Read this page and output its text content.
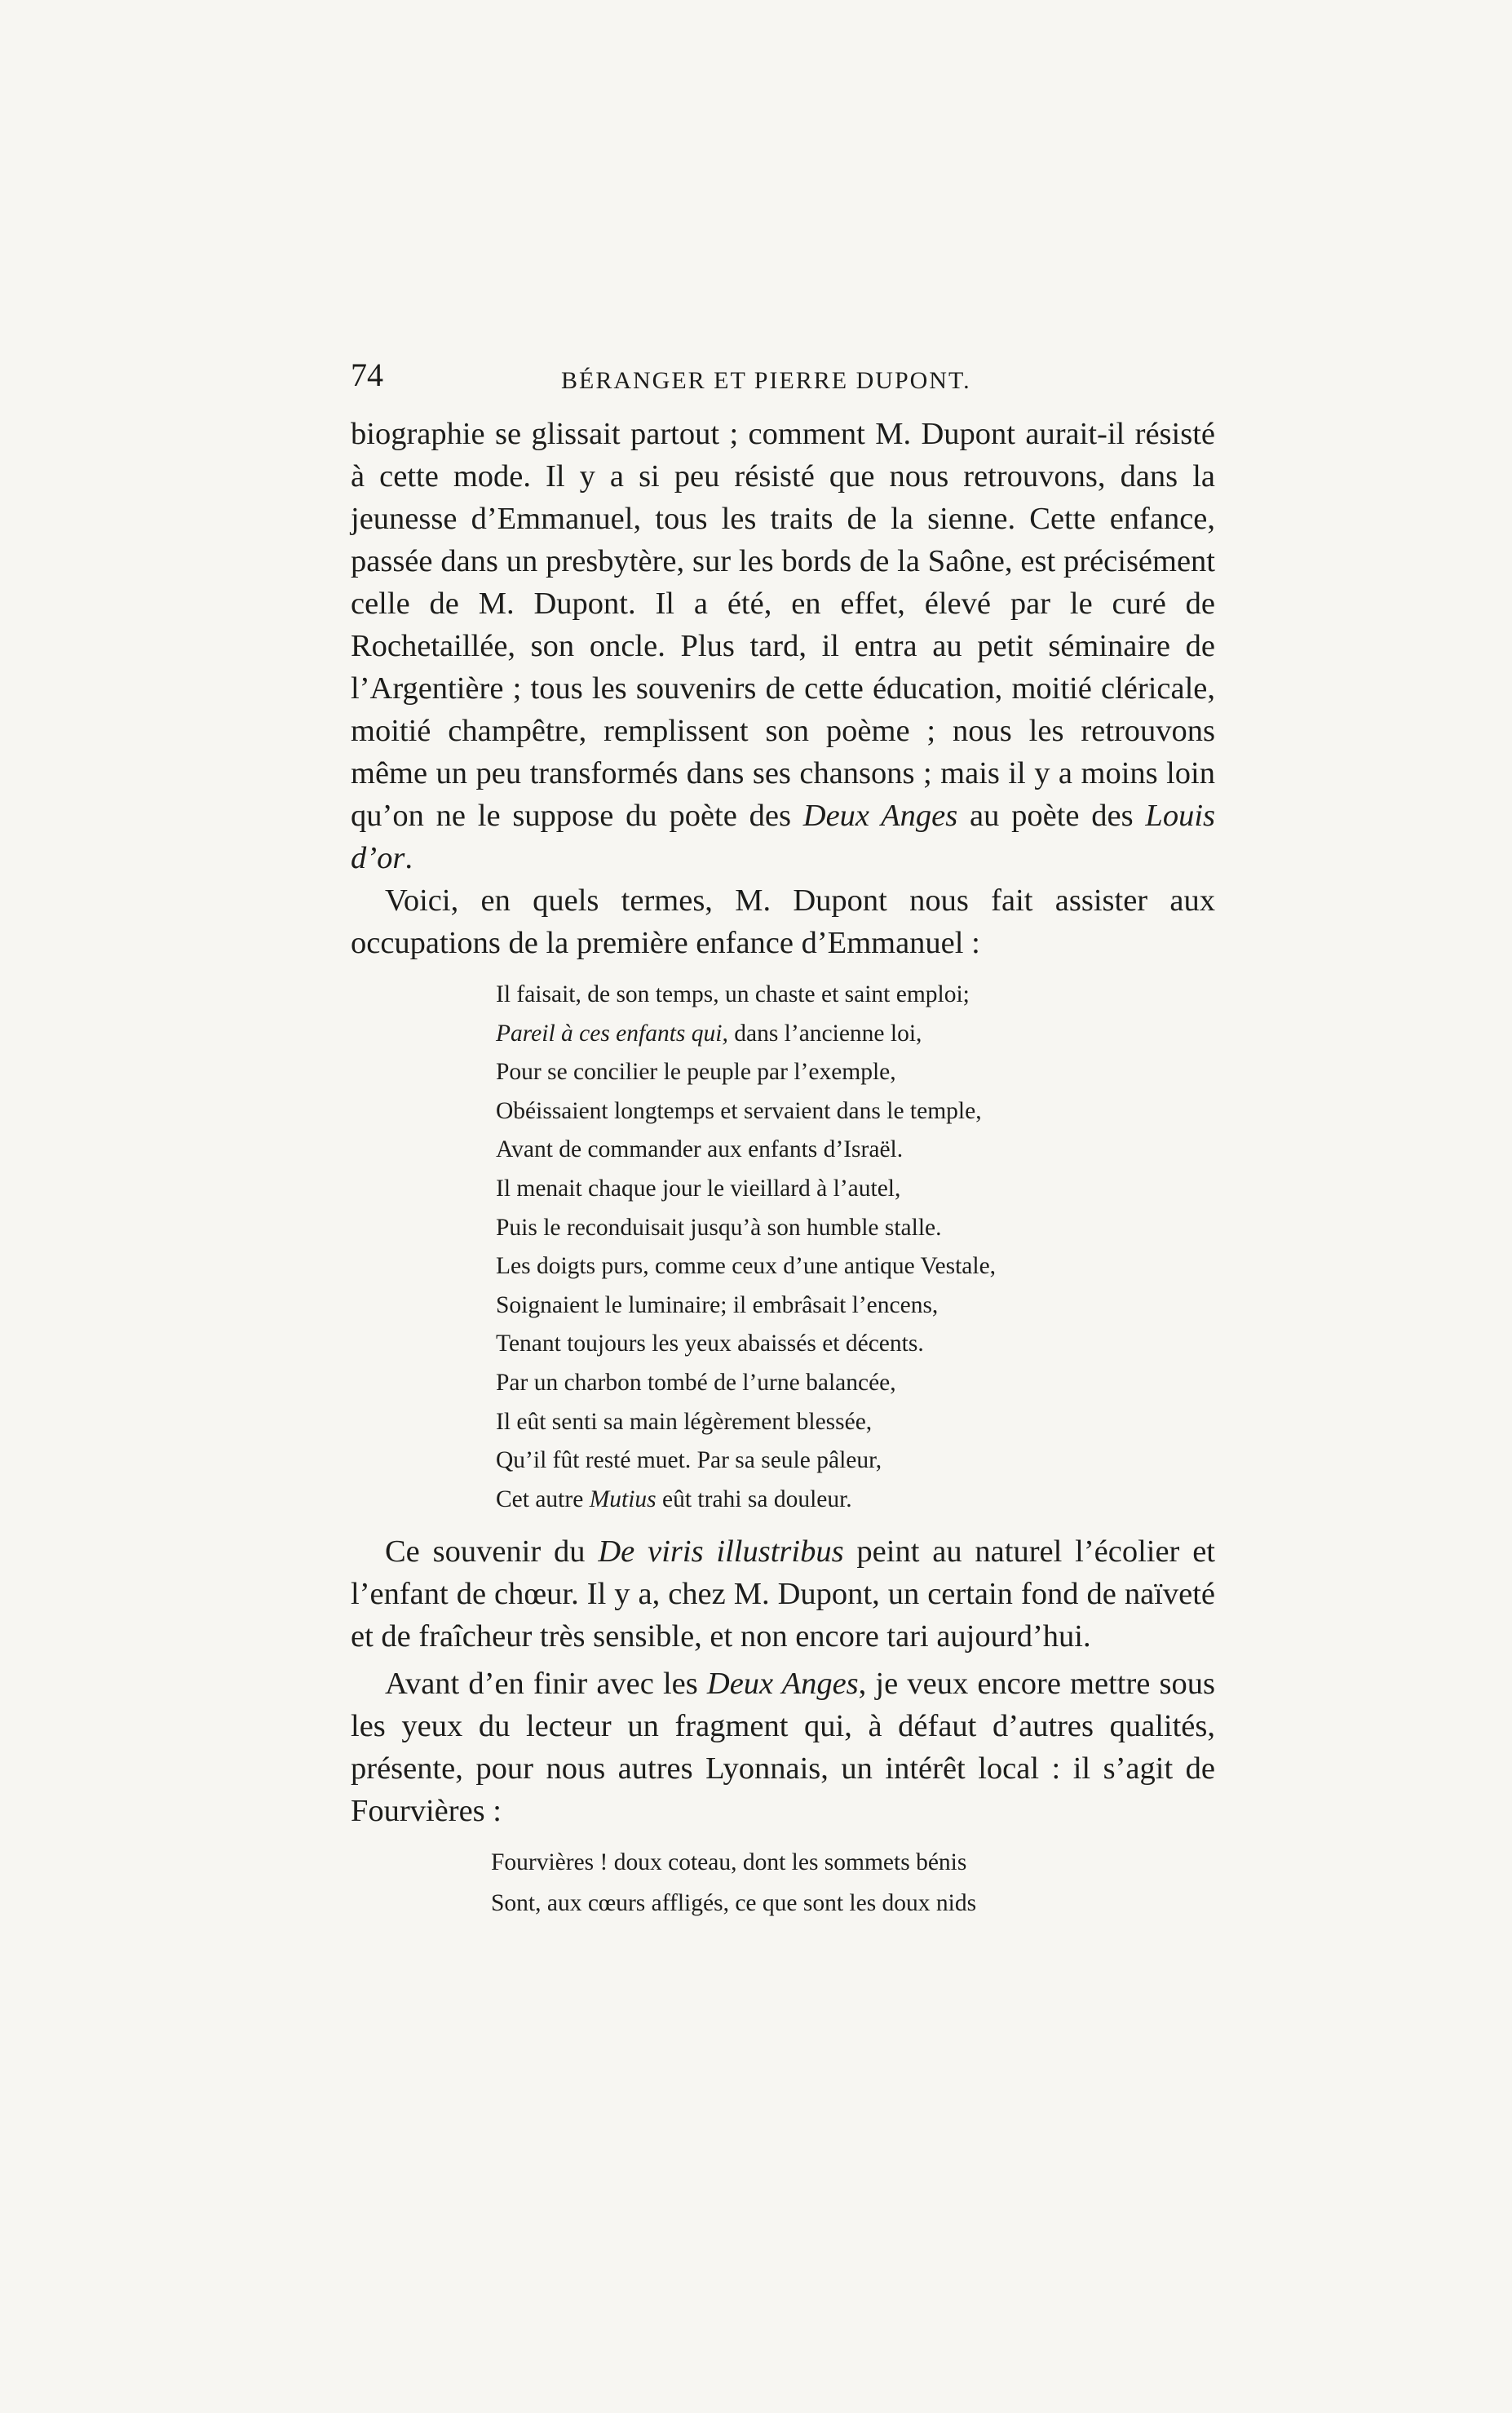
74	BÉRANGER ET PIERRE DUPONT.

biographie se glissait partout ; comment M. Dupont aurait-il résisté à cette mode. Il y a si peu résisté que nous retrouvons, dans la jeunesse d’Emmanuel, tous les traits de la sienne. Cette enfance, passée dans un presbytère, sur les bords de la Saône, est précisément celle de M. Dupont. Il a été, en effet, élevé par le curé de Rochetaillée, son oncle. Plus tard, il entra au petit séminaire de l’Argentière ; tous les souvenirs de cette éducation, moitié cléricale, moitié champêtre, remplissent son poème ; nous les retrouvons même un peu transformés dans ses chansons ; mais il y a moins loin qu’on ne le suppose du poète des Deux Anges au poète des Louis d’or.

Voici, en quels termes, M. Dupont nous fait assister aux occupations de la première enfance d’Emmanuel :

Il faisait, de son temps, un chaste et saint emploi;
Pareil à ces enfants qui, dans l’ancienne loi,
Pour se concilier le peuple par l’exemple,
Obéissaient longtemps et servaient dans le temple,
Avant de commander aux enfants d’Israël.
Il menait chaque jour le vieillard à l’autel,
Puis le reconduisait jusqu’à son humble stalle.
Les doigts purs, comme ceux d’une antique Vestale,
Soignaient le luminaire; il embrâsait l’encens,
Tenant toujours les yeux abaissés et décents.
Par un charbon tombé de l’urne balancée,
Il eût senti sa main légèrement blessée,
Qu’il fût resté muet. Par sa seule pâleur,
Cet autre Mutius eût trahi sa douleur.

Ce souvenir du De viris illustribus peint au naturel l’écolier et l’enfant de chœur. Il y a, chez M. Dupont, un certain fond de naïveté et de fraîcheur très sensible, et non encore tari aujourd’hui.

Avant d’en finir avec les Deux Anges, je veux encore mettre sous les yeux du lecteur un fragment qui, à défaut d’autres qualités, présente, pour nous autres Lyonnais, un intérêt local : il s’agit de Fourvières :

Fourvières ! doux coteau, dont les sommets bénis
Sont, aux cœurs affligés, ce que sont les doux nids
